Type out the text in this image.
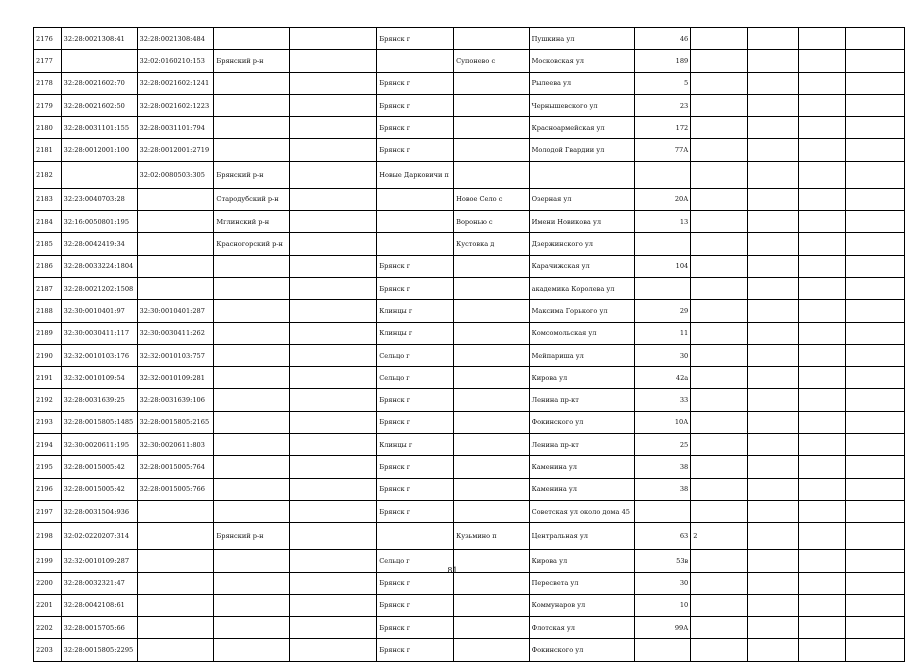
2176	32:28:0021308:41	32:28:0021308:484			Брянск г		Пушкина ул	46				
2177		32:02:0160210:153	Брянский р-н			Супонево с	Московская ул	189				
2178	32:28:0021602:70	32:28:0021602:1241			Брянск г		Рылеева ул	5				
2179	32:28:0021602:50	32:28:0021602:1223			Брянск г		Чернышевского ул	23				
2180	32:28:0031101:155	32:28:0031101:794			Брянск г		Красноармейская ул	172				
2181	32:28:0012001:100	32:28:0012001:2719			Брянск г		Молодой Гвардии ул	77А				
2182		32:02:0080503:305	Брянский р-н		Новые Дарковичи п							
2183	32:23:0040703:28		Стародубский р-н			Новое Село с	Озерная ул	20А				
2184	32:16:0050801:195		Мглинский р-н			Воронью с	Имени Новикова ул	13				
2185	32:28:0042419:34		Красногорский р-н			Кустовка д	Дзержинского ул					
2186	32:28:0033224:1804				Брянск г		Карачижская ул	104				
2187	32:28:0021202:1508				Брянск г		академика Королева ул					
2188	32:30:0010401:97	32:30:0010401:287			Клинцы г		Максима Горького ул	29				
2189	32:30:0030411:117	32:30:0030411:262			Клинцы г		Комсомольская ул	11				
2190	32:32:0010103:176	32:32:0010103:757			Сельцо г		Мейпариша ул	30				
2191	32:32:0010109:54	32:32:0010109:281			Сельцо г		Кирова ул	42а				
2192	32:28:0031639:25	32:28:0031639:106			Брянск г		Ленина пр-кт	33				
2193	32:28:0015805:1485	32:28:0015805:2165			Брянск г		Фокинского ул	10А				
2194	32:30:0020611:195	32:30:0020611:803			Клинцы г		Ленина пр-кт	25				
2195	32:28:0015005:42	32:28:0015005:764			Брянск г		Каменина ул	38				
2196	32:28:0015005:42	32:28:0015005:766			Брянск г		Каменина ул	38				
2197	32:28:0031504:936				Брянск г		Советская ул около дома 45					
2198	32:02:0220207:314		Брянский р-н			Кузьмино п	Центральная ул	63	2			
2199	32:32:0010109:287				Сельцо г		Кирова ул	53в				
2200	32:28:0032321:47				Брянск г		Пересвета ул	30				
2201	32:28:0042108:61				Брянск г		Коммунаров ул	10				
2202	32:28:0015705:66				Брянск г		Флотская ул	99А				
2203	32:28:0015805:2295				Брянск г		Фокинского ул					
81
